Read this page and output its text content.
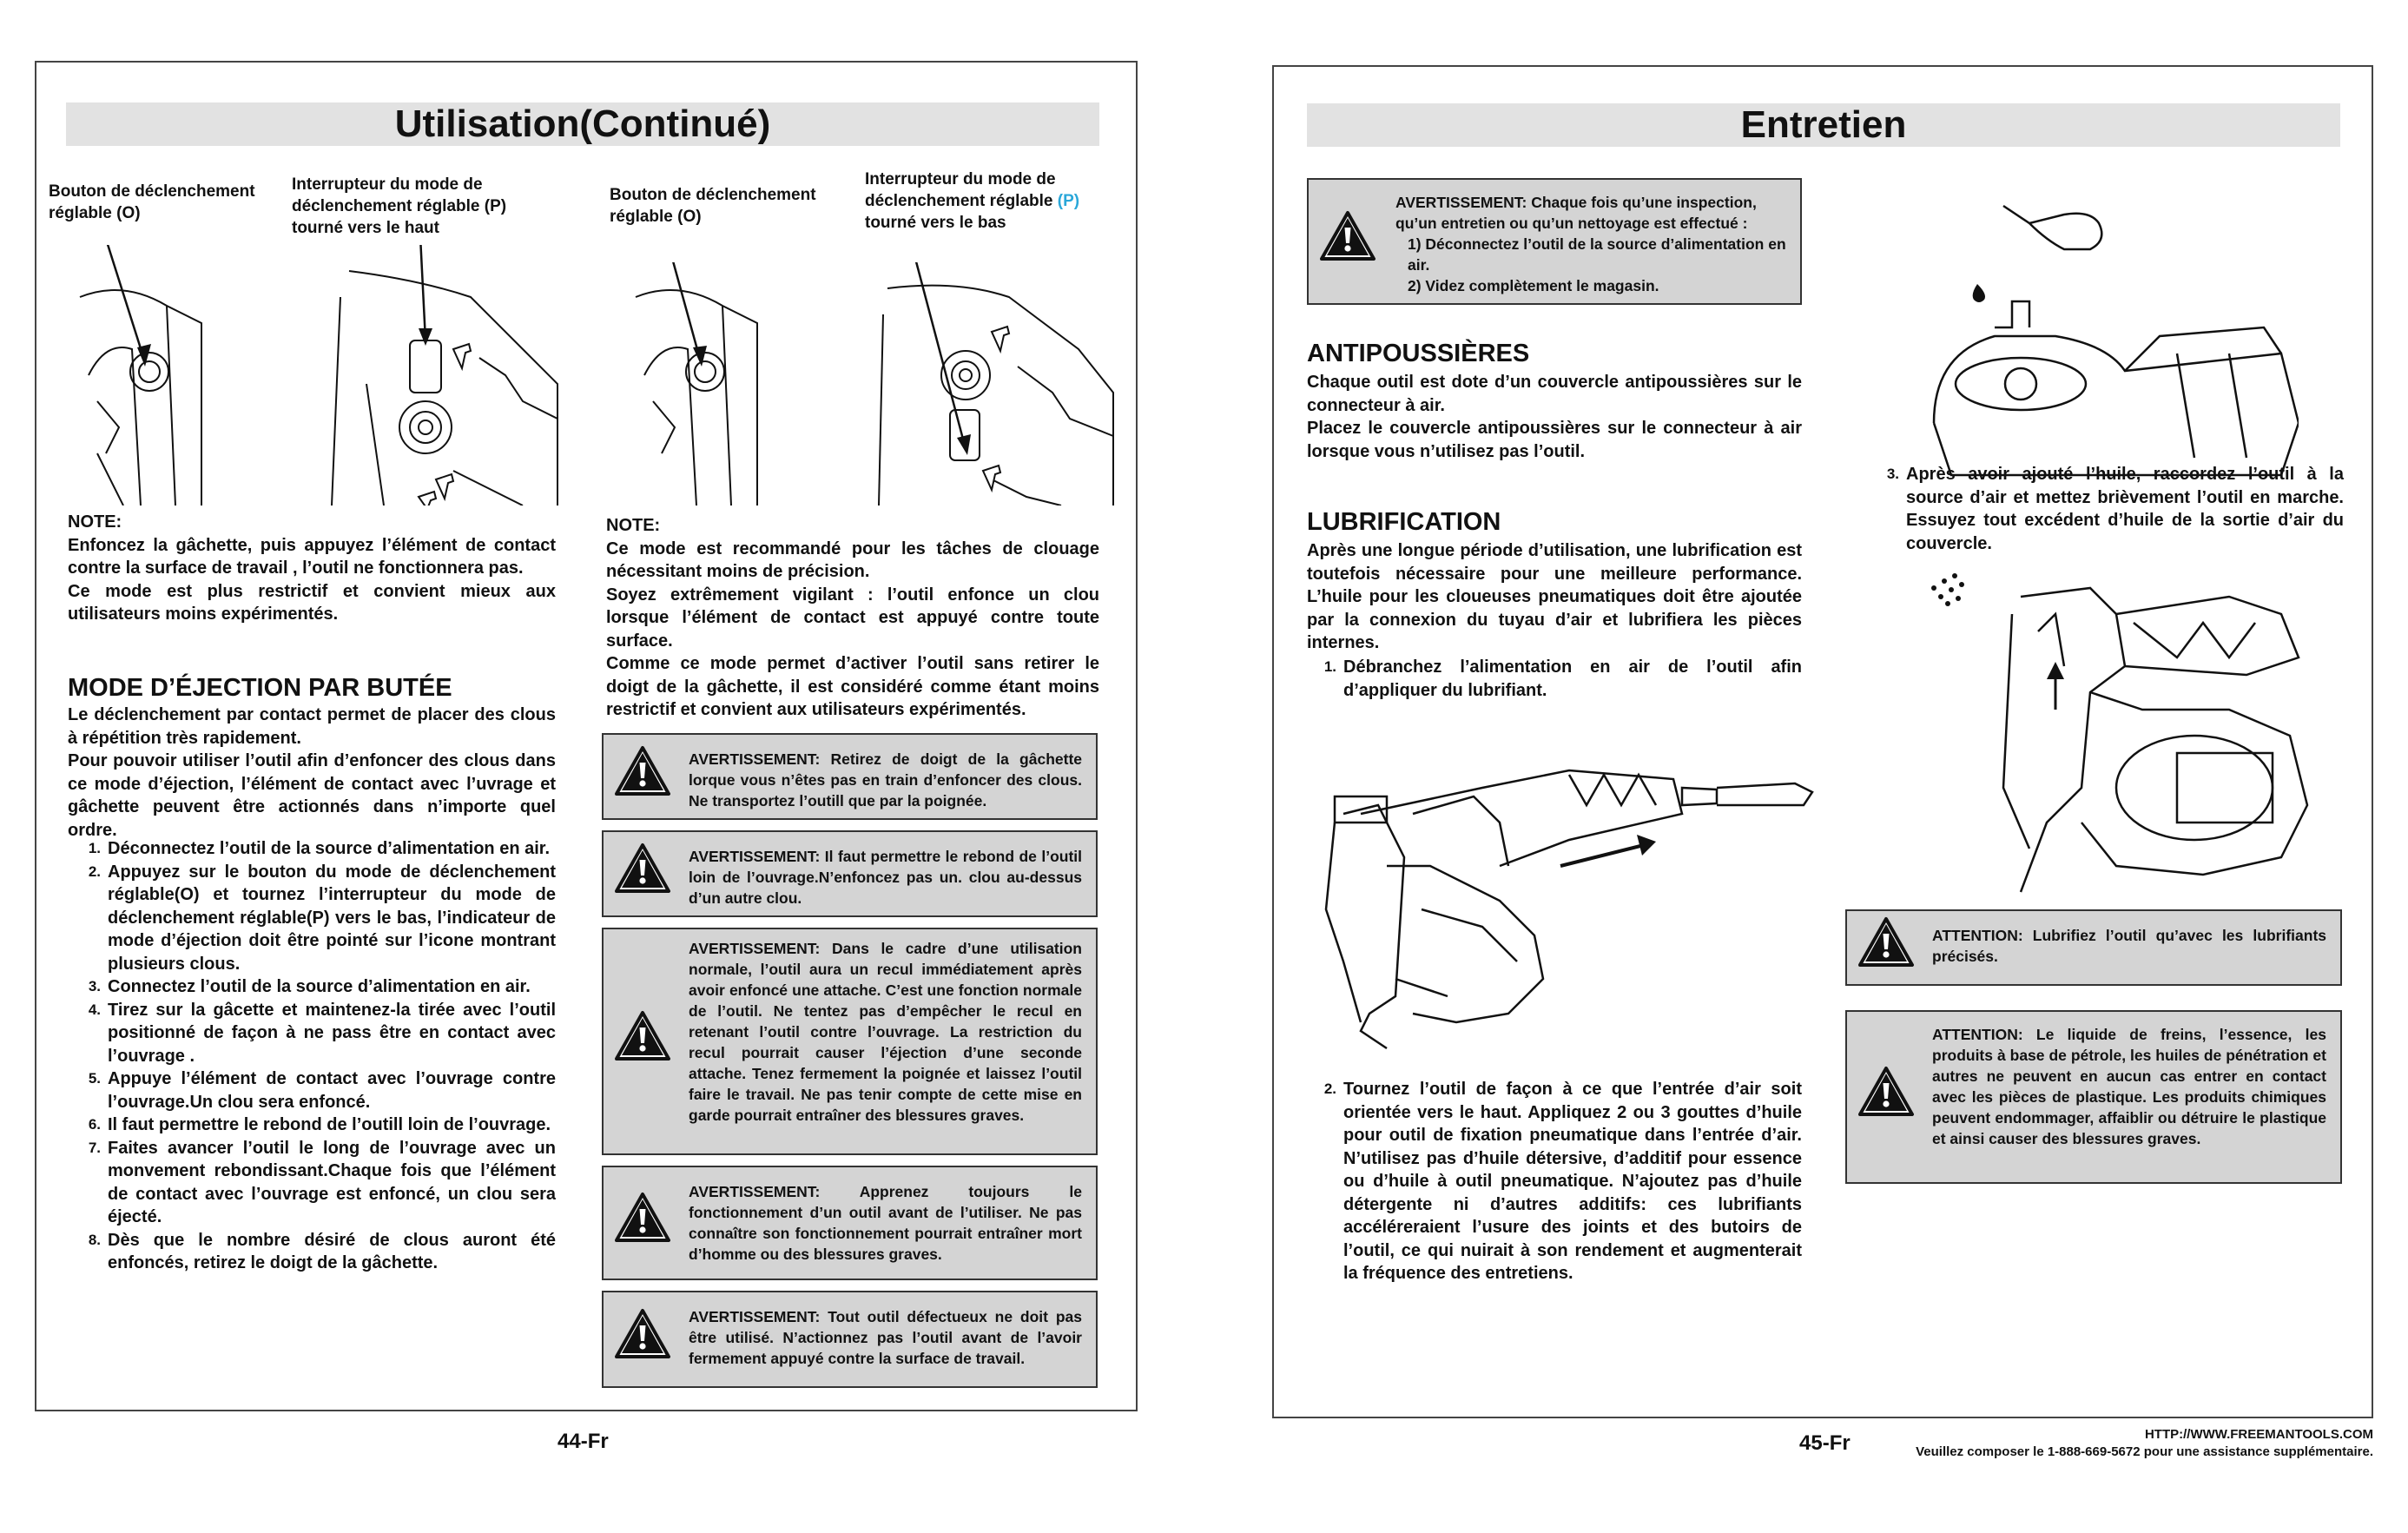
Utilisation(Continué)
Bouton de déclenchement réglable (O)
Interrupteur du mode de déclenchement réglable (P) tourné vers le haut
Bouton de déclenchement réglable (O)
Interrupteur du mode de déclenchement réglable (P) tourné vers le bas
NOTE:
Enfoncez la gâchette, puis appuyez l’élément de contact contre la surface de travail , l’outil ne fonctionnera pas.
Ce mode est plus restrictif et convient mieux aux utilisateurs moins expérimentés.
MODE D’ÉJECTION PAR BUTÉE
Le déclenchement par contact permet de placer des clous à répétition très rapidement.
Pour pouvoir utiliser l’outil afin d’enfoncer des clous dans ce mode d’éjection, l’élément de contact avec l’uvrage et gâchette peuvent être actionnés dans n’importe quel ordre.
1. Déconnectez l’outil de la source d’alimentation en air.
2. Appuyez sur le bouton du mode de déclenchement réglable(O) et tournez l’interrupteur du mode de déclenchement réglable(P) vers le bas, l’indicateur de mode d’éjection doit être pointé sur l’icone montrant plusieurs clous.
3. Connectez l’outil de la source d’alimentation en air.
4. Tirez sur la gâcette et maintenez-la tirée avec l’outil positionné de façon à ne pass être en contact avec l’ouvrage .
5. Appuye l’élément de contact avec l’ouvrage contre l’ouvrage.Un clou sera enfoncé.
6. Il faut permettre le rebond de l’outill loin de l’ouvrage.
7. Faites avancer l’outil le long de l’ouvrage avec un monvement rebondissant.Chaque fois que l’élément de contact avec l’ouvrage est enfoncé, un clou sera éjecté.
8. Dès que le nombre désiré de clous auront été enfoncés, retirez le doigt de la gâchette.
NOTE:
Ce mode est recommandé pour les tâches de clouage nécessitant moins de précision.
Soyez extrêmement vigilant : l’outil enfonce un clou lorsque l’élément de contact est appuyé contre toute surface.
Comme ce mode permet d’activer l’outil sans retirer le doigt de la gâchette, il est considéré comme étant moins restrictif et convient aux utilisateurs expérimentés.
AVERTISSEMENT: Retirez de doigt de la gâchette lorque vous n’êtes pas en train d’enfoncer des clous. Ne transportez l’outill que par la poignée.
AVERTISSEMENT: Il faut permettre le rebond de l’outil loin de l’ouvrage.N’enfoncez pas un. clou au-dessus d’un autre clou.
AVERTISSEMENT: Dans le cadre d’une utilisation normale, l’outil aura un recul immédiatement après avoir enfoncé une attache. C’est une fonction normale de l’outil. Ne tentez pas d’empêcher le recul en retenant l’outil contre l’ouvrage. La restriction du recul pourrait causer l’éjection d’une seconde attache. Tenez fermement la poignée et laissez l’outil faire le travail. Ne pas tenir compte de cette mise en garde pourrait entraîner des blessures graves.
AVERTISSEMENT: Apprenez toujours le fonctionnement d’un outil avant de l’utiliser. Ne pas connaître son fonctionnement pourrait entraîner mort d’homme ou des blessures graves.
AVERTISSEMENT: Tout outil défectueux ne doit pas être utilisé. N’actionnez pas l’outil avant de l’avoir fermement appuyé contre la surface de travail.
44-Fr
Entretien
AVERTISSEMENT: Chaque fois qu’une inspection, qu’un entretien ou qu’un nettoyage est effectué :
1) Déconnectez l’outil de la source d’alimentation en air.
2) Videz complètement le magasin.
ANTIPOUSSIÈRES
Chaque outil est dote d’un couvercle antipoussières sur le connecteur à air.
Placez le couvercle antipoussières sur le connecteur à air lorsque vous n’utilisez pas l’outil.
LUBRIFICATION
Après une longue période d’utilisation, une lubrification est toutefois nécessaire pour une meilleure performance. L’huile pour les cloueuses pneumatiques doit être ajoutée par la connexion du tuyau d’air et lubrifiera les pièces internes.
1. Débranchez l’alimentation en air de l’outil afin d’appliquer du lubrifiant.
2. Tournez l’outil de façon à ce que l’entrée d’air soit orientée vers le haut. Appliquez 2 ou 3 gouttes d’huile pour outil de fixation pneumatique dans l’entrée d’air. N’utilisez pas d’huile détersive, d’additif pour essence ou d’huile à outil pneumatique. N’ajoutez pas d’huile détergente ni d’autres additifs: ces lubrifiants accéléreraient l’usure des joints et des butoirs de l’outil, ce qui nuirait à son rendement et augmenterait la fréquence des entretiens.
3. Après avoir ajouté l’huile, raccordez l’outil à la source d’air et mettez brièvement l’outil en marche. Essuyez tout excédent d’huile de la sortie d’air du couvercle.
ATTENTION: Lubrifiez l’outil qu’avec les lubrifiants précisés.
ATTENTION: Le liquide de freins, l’essence, les produits à base de pétrole, les huiles de pénétration et autres ne peuvent en aucun cas entrer en contact avec les pièces de plastique. Les produits chimiques peuvent endommager, affaiblir ou détruire le plastique et ainsi causer des blessures graves.
45-Fr	HTTP://WWW.FREEMANTOOLS.COM
Veuillez composer le 1-888-669-5672 pour une assistance supplémentaire.
